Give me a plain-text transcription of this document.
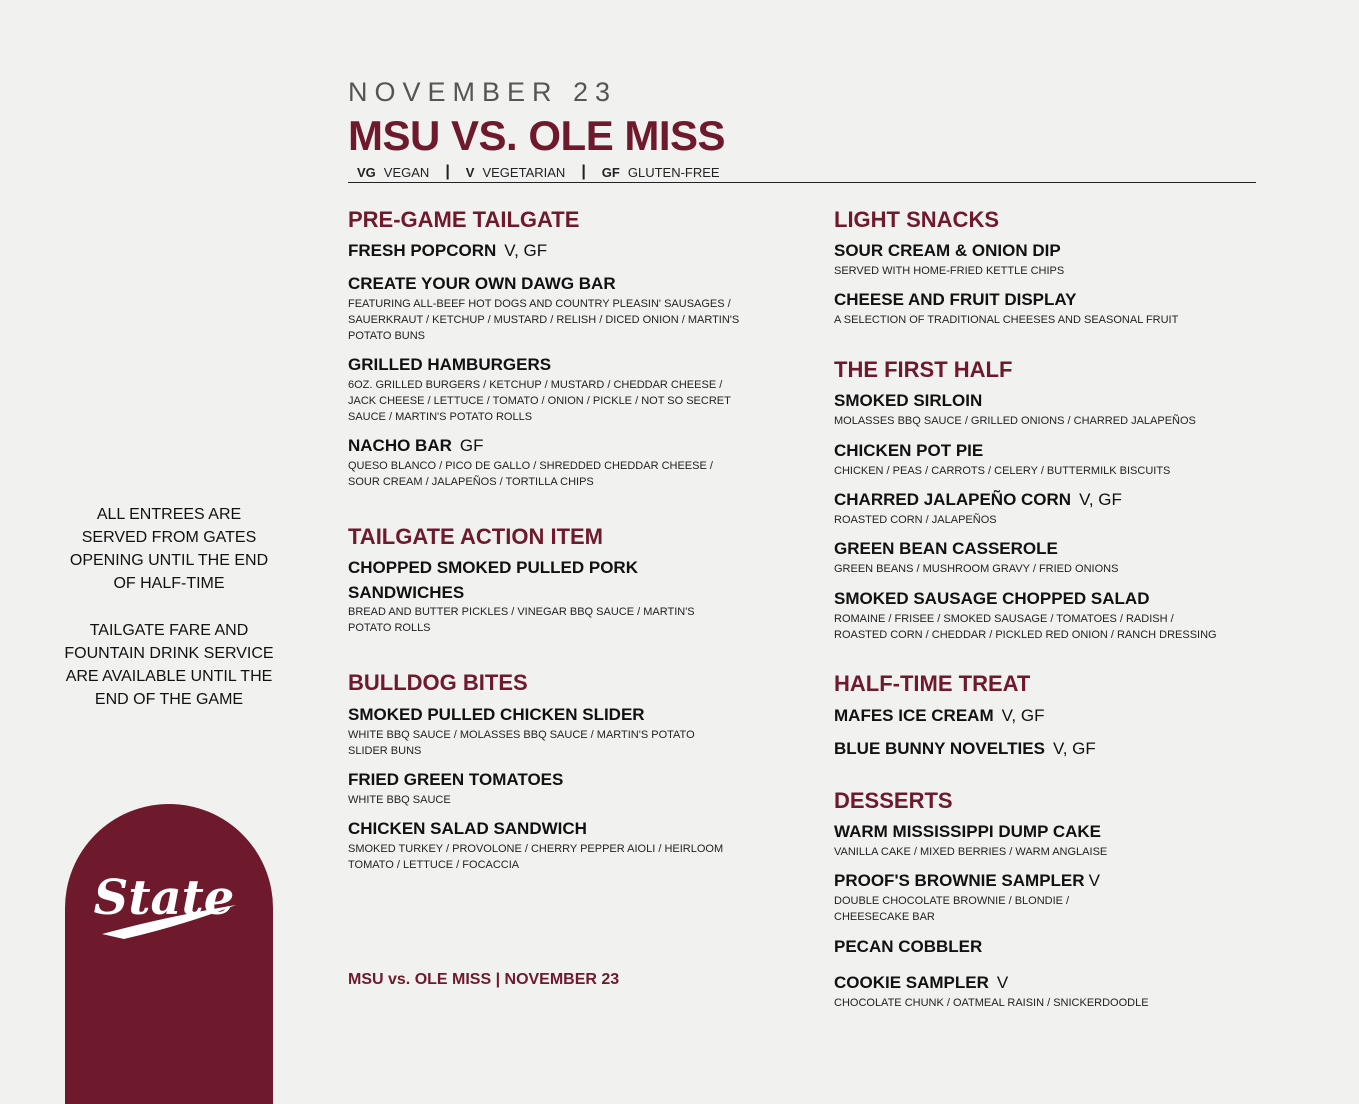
NOVEMBER 23
MSU VS. OLE MISS
VG VEGAN | V VEGETARIAN | GF GLUTEN-FREE
ALL ENTREES ARE SERVED FROM GATES OPENING UNTIL THE END OF HALF-TIME
TAILGATE FARE AND FOUNTAIN DRINK SERVICE ARE AVAILABLE UNTIL THE END OF THE GAME
State
PRE-GAME TAILGATE
FRESH POPCORN V, GF
CREATE YOUR OWN DAWG BAR
FEATURING ALL-BEEF HOT DOGS AND COUNTRY PLEASIN' SAUSAGES / SAUERKRAUT / KETCHUP / MUSTARD / RELISH / DICED ONION / MARTIN'S POTATO BUNS
GRILLED HAMBURGERS
6OZ. GRILLED BURGERS / KETCHUP / MUSTARD / CHEDDAR CHEESE / JACK CHEESE / LETTUCE / TOMATO / ONION / PICKLE / NOT SO SECRET SAUCE / MARTIN'S POTATO ROLLS
NACHO BAR GF
QUESO BLANCO / PICO DE GALLO / SHREDDED CHEDDAR CHEESE / SOUR CREAM / JALAPEÑOS / TORTILLA CHIPS
TAILGATE ACTION ITEM
CHOPPED SMOKED PULLED PORK
SANDWICHES
BREAD AND BUTTER PICKLES / VINEGAR BBQ SAUCE / MARTIN'S POTATO ROLLS
BULLDOG BITES
SMOKED PULLED CHICKEN SLIDER
WHITE BBQ SAUCE / MOLASSES BBQ SAUCE / MARTIN'S POTATO SLIDER BUNS
FRIED GREEN TOMATOES
WHITE BBQ SAUCE
CHICKEN SALAD SANDWICH
SMOKED TURKEY / PROVOLONE / CHERRY PEPPER AIOLI / HEIRLOOM TOMATO / LETTUCE / FOCACCIA
MSU vs. OLE MISS | NOVEMBER 23
LIGHT SNACKS
SOUR CREAM & ONION DIP
SERVED WITH HOME-FRIED KETTLE CHIPS
CHEESE AND FRUIT DISPLAY
A SELECTION OF TRADITIONAL CHEESES AND SEASONAL FRUIT
THE FIRST HALF
SMOKED SIRLOIN
MOLASSES BBQ SAUCE / GRILLED ONIONS / CHARRED JALAPEÑOS
CHICKEN POT PIE
CHICKEN / PEAS / CARROTS / CELERY / BUTTERMILK BISCUITS
CHARRED JALAPEÑO CORN V, GF
ROASTED CORN / JALAPEÑOS
GREEN BEAN CASSEROLE
GREEN BEANS / MUSHROOM GRAVY / FRIED ONIONS
SMOKED SAUSAGE CHOPPED SALAD
ROMAINE / FRISEE / SMOKED SAUSAGE / TOMATOES / RADISH / ROASTED CORN / CHEDDAR / PICKLED RED ONION / RANCH DRESSING
HALF-TIME TREAT
MAFES ICE CREAM V, GF
BLUE BUNNY NOVELTIES V, GF
DESSERTS
WARM MISSISSIPPI DUMP CAKE
VANILLA CAKE / MIXED BERRIES / WARM ANGLAISE
PROOF'S BROWNIE SAMPLER V
DOUBLE CHOCOLATE BROWNIE / BLONDIE / CHEESECAKE BAR
PECAN COBBLER
COOKIE SAMPLER V
CHOCOLATE CHUNK / OATMEAL RAISIN / SNICKERDOODLE
